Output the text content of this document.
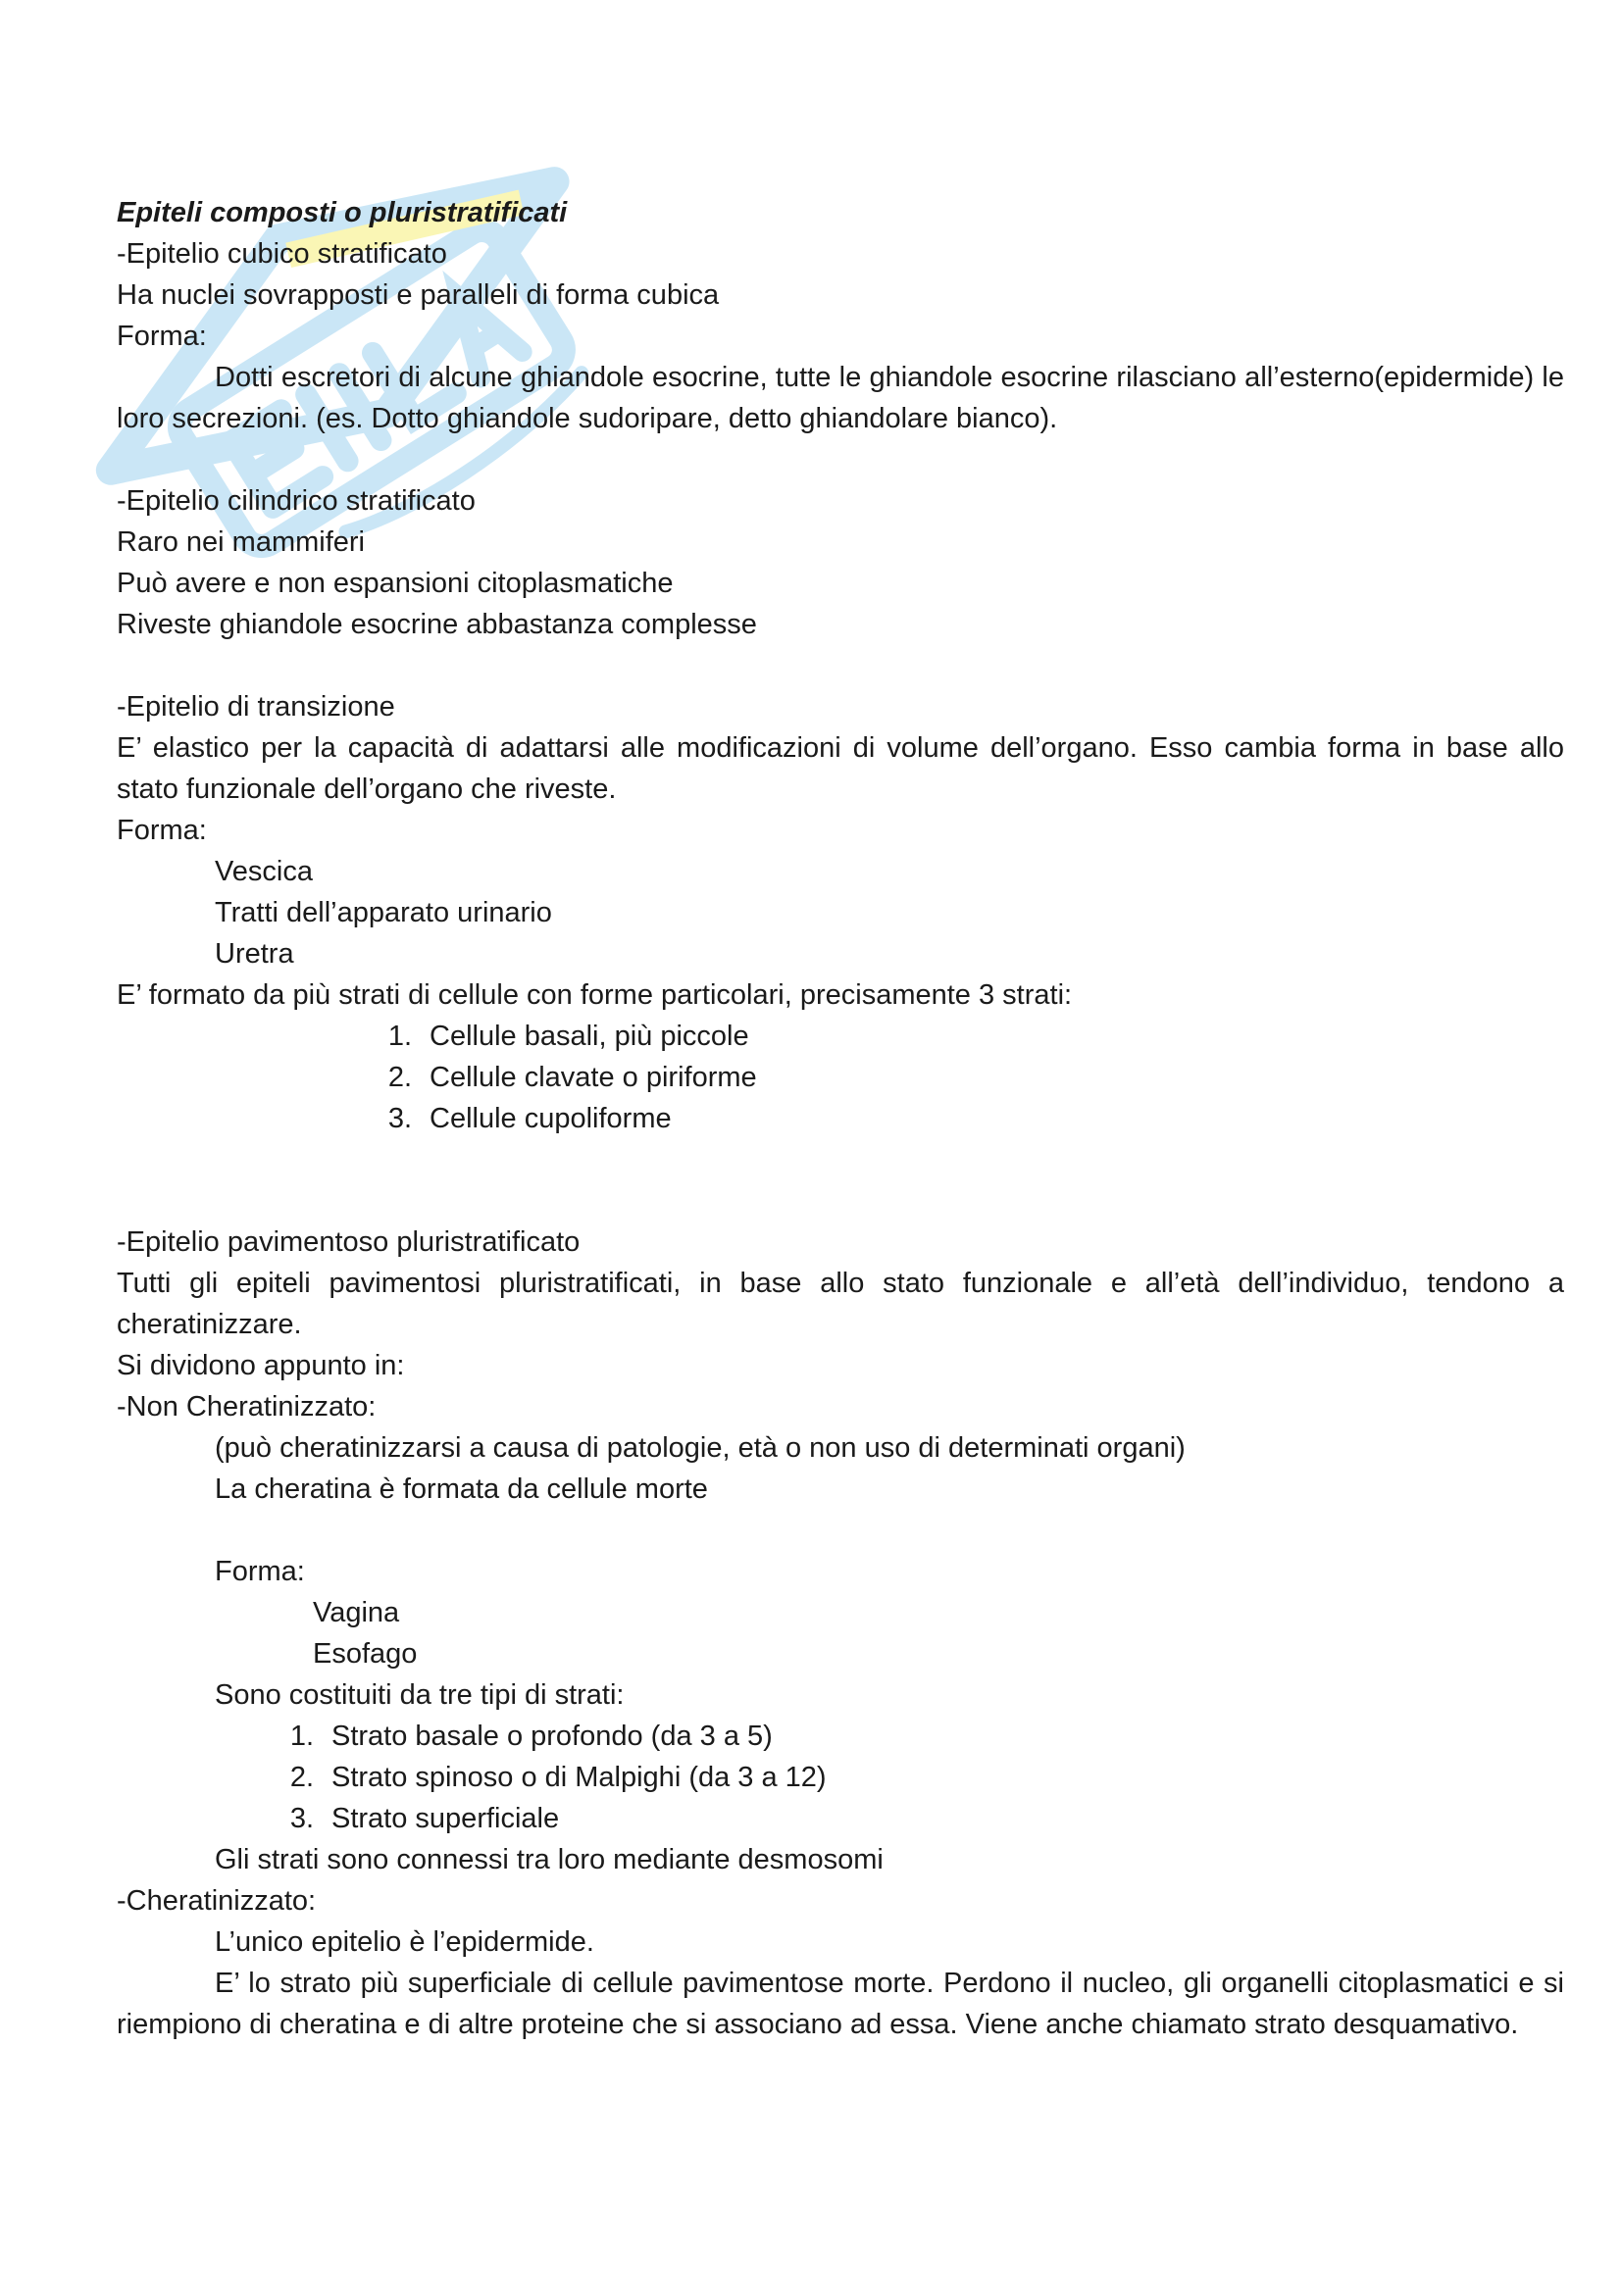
Epiteli composti o pluristratificati

-Epitelio cubico stratificato

Ha nuclei sovrapposti e paralleli di forma cubica

Forma:

Dotti escretori di alcune ghiandole esocrine, tutte le ghiandole esocrine rilasciano all’esterno(epidermide) le loro secrezioni. (es. Dotto ghiandole sudoripare, detto ghiandolare bianco).

-Epitelio cilindrico stratificato

Raro nei mammiferi

Può avere e non espansioni citoplasmatiche

Riveste ghiandole esocrine abbastanza complesse

-Epitelio di transizione

E’ elastico per la capacità di adattarsi alle modificazioni di volume dell’organo. Esso cambia forma in base allo stato funzionale dell’organo che riveste.

Forma:

Vescica

Tratti dell’apparato urinario

Uretra

E’ formato da più strati di cellule con forme particolari, precisamente 3 strati:

1. Cellule basali, più piccole
2. Cellule clavate o piriforme
3. Cellule cupoliforme

-Epitelio pavimentoso pluristratificato

Tutti gli epiteli pavimentosi pluristratificati, in base allo stato funzionale e all’età dell’individuo, tendono a cheratinizzare.

Si dividono appunto in:

-Non Cheratinizzato:

(può cheratinizzarsi a causa di patologie, età o non uso di determinati organi)

La cheratina è formata da cellule morte

Forma:

Vagina

Esofago

Sono costituiti da tre tipi di strati:

1. Strato basale o profondo (da 3 a 5)
2. Strato spinoso o di Malpighi (da 3 a 12)
3. Strato superficiale

Gli strati sono connessi tra loro mediante desmosomi

-Cheratinizzato:

L’unico epitelio è l’epidermide.

E’ lo strato più superficiale di cellule pavimentose morte. Perdono il nucleo, gli organelli citoplasmatici e si riempiono di cheratina e di altre proteine che si associano ad essa. Viene anche chiamato strato desquamativo.
